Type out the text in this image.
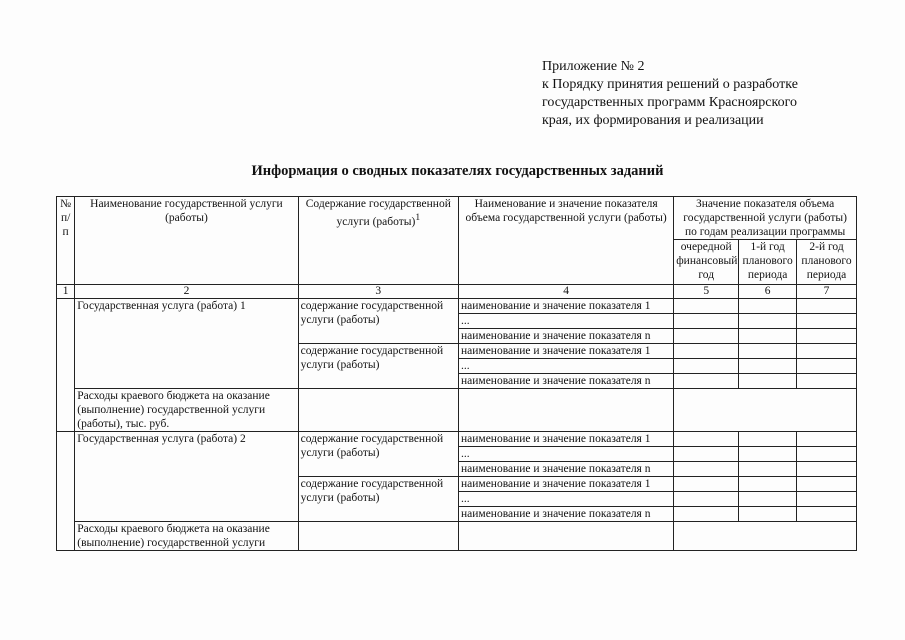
Приложение № 2
к Порядку принятия решений о разработке
государственных программ Красноярского
края, их формирования и реализации
Информация о сводных показателях государственных заданий
№ п/п	Наименование государственной услуги (работы)	Содержание государственной услуги (работы)$^1$	Наименование и значение показателя объема государственной услуги (работы)	Значение показателя объема государственной услуги (работы) по годам реализации программы		
				очередной финансовый год	1-й год планового периода	2-й год планового периода
1	2	3	4	5	6	7
	Государственная услуга (работа) 1	содержание государственной услуги (работы)	наименование и значение показателя 1			
			...			
			наименование и значение показателя n			
		содержание государственной услуги (работы)	наименование и значение показателя 1			
			...			
			наименование и значение показателя n			
	Расходы краевого бюджета на оказание (выполнение) государственной услуги (работы), тыс. руб.					
	Государственная услуга (работа) 2	содержание государственной услуги (работы)	наименование и значение показателя 1			
			...			
			наименование и значение показателя n			
		содержание государственной услуги (работы)	наименование и значение показателя 1			
			...			
			наименование и значение показателя n			
	Расходы краевого бюджета на оказание (выполнение) государственной услуги					
